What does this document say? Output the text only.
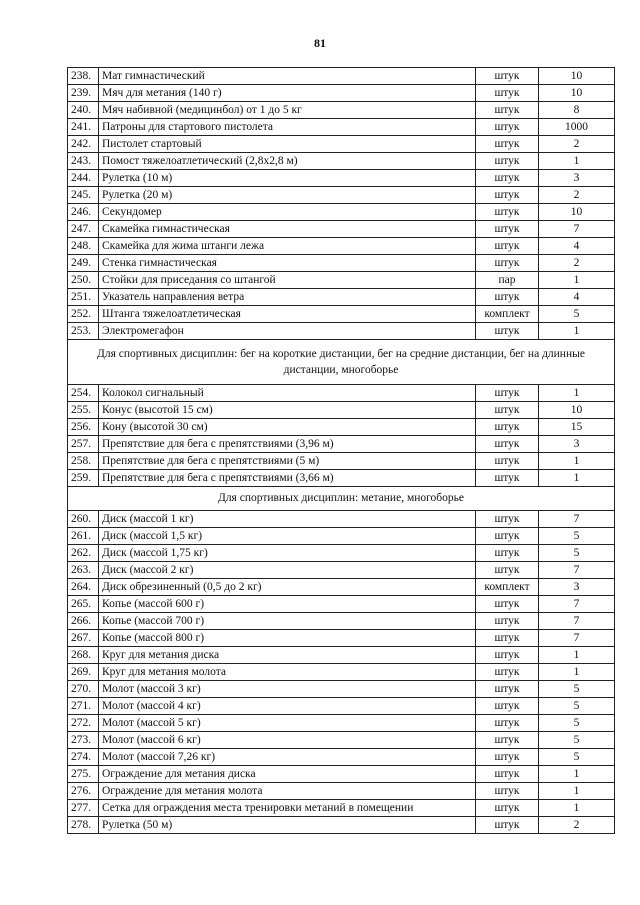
81
238.	Мат гимнастический	штук	10
239.	Мяч для метания (140 г)	штук	10
240.	Мяч набивной (медицинбол) от 1 до 5 кг	штук	8
241.	Патроны для стартового пистолета	штук	1000
242.	Пистолет стартовый	штук	2
243.	Помост тяжелоатлетический (2,8х2,8 м)	штук	1
244.	Рулетка (10 м)	штук	3
245.	Рулетка (20 м)	штук	2
246.	Секундомер	штук	10
247.	Скамейка гимнастическая	штук	7
248.	Скамейка для жима штанги лежа	штук	4
249.	Стенка гимнастическая	штук	2
250.	Стойки для приседания со штангой	пар	1
251.	Указатель направления ветра	штук	4
252.	Штанга тяжелоатлетическая	комплект	5
253.	Электромегафон	штук	1
Для спортивных дисциплин: бег на короткие дистанции, бег на средние дистанции, бег на длинные дистанции, многоборье			
254.	Колокол сигнальный	штук	1
255.	Конус (высотой 15 см)	штук	10
256.	Кону (высотой 30 см)	штук	15
257.	Препятствие для бега с препятствиями (3,96 м)	штук	3
258.	Препятствие для бега с препятствиями (5 м)	штук	1
259.	Препятствие для бега с препятствиями (3,66 м)	штук	1
Для спортивных дисциплин: метание, многоборье			
260.	Диск (массой 1 кг)	штук	7
261.	Диск (массой 1,5 кг)	штук	5
262.	Диск (массой 1,75 кг)	штук	5
263.	Диск (массой 2 кг)	штук	7
264.	Диск обрезиненный (0,5 до 2 кг)	комплект	3
265.	Копье (массой 600 г)	штук	7
266.	Копье (массой 700 г)	штук	7
267.	Копье (массой 800 г)	штук	7
268.	Круг для метания диска	штук	1
269.	Круг для метания молота	штук	1
270.	Молот (массой 3 кг)	штук	5
271.	Молот (массой 4 кг)	штук	5
272.	Молот (массой 5 кг)	штук	5
273.	Молот (массой 6 кг)	штук	5
274.	Молот (массой 7,26 кг)	штук	5
275.	Ограждение для метания диска	штук	1
276.	Ограждение для метания молота	штук	1
277.	Сетка для ограждения места тренировки метаний в помещении	штук	1
278.	Рулетка (50 м)	штук	2
